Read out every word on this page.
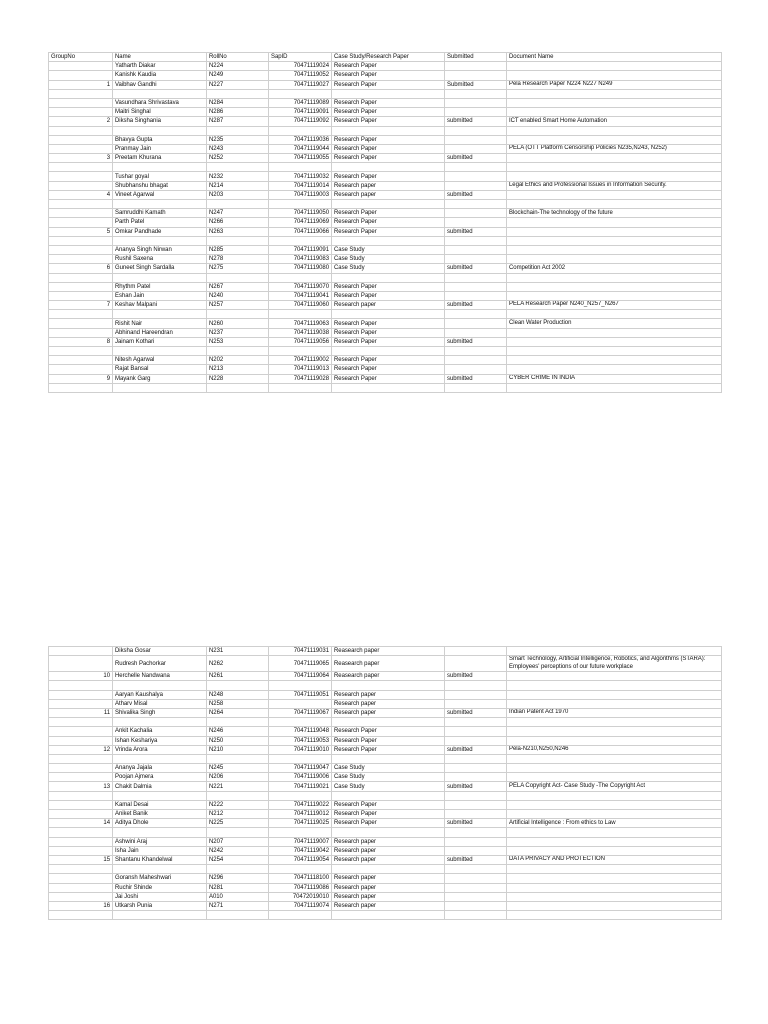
GroupNo	Name	RollNo	SapID	Case Study/Research Paper	Submitted	Document Name
	Yatharth Diakar	N224	70471119024	Research Paper		
	Kanishk Kaudia	N249	70471119052	Research Paper		
1	Vaibhav Gandhi	N227	70471119027	Research Paper	Submitted	Pela Research Paper N224 N227 N249

	Vasundhara Shrivastava	N284	70471119089	Research Paper		
	Maitri Singhal	N286	70471119091	Research Paper		
2	Diksha Singhania	N287	70471119092	Research Paper	submitted	ICT enabled Smart Home Automation

	Bhavya Gupta	N235	70471119036	Research Paper		
	Pranmay Jain	N243	70471119044	Research Paper		PELA (OTT Platform Censorship Policies N235,N243, N252)
3	Preetam Khurana	N252	70471119055	Research Paper	submitted	

	Tushar goyal	N232	70471119032	Research Paper		
	Shubhanshu bhagat	N214	70471119014	Research paper		Legal Ethics and Professional Issues in Information Security.
4	Vineet Agarwal	N203	70471119003	Research paper	submitted	

	Samruddhi Kamath	N247	70471119050	Research Paper		Blockchain-The technology of the future
	Parth Patel	N266	70471119069	Research Paper		
5	Omkar Pandhade	N263	70471119066	Research Paper	submitted	

	Ananya Singh Nirwan	N285	70471119091	Case Study		
	Rushil Saxena	N278	70471119083	Case Study		
6	Guneet Singh Sardalla	N275	70471119080	Case Study	submitted	Competition Act 2002

	Rhythm Patel	N267	70471119070	Research Paper		
	Eshan Jain	N240	70471119041	Research Paper		
7	Keshav Malpani	N257	70471119060	Research paper	submitted	PELA Research Paper N240_N257_N267

	Rishit Nair	N260	70471119063	Research Paper		Clean Water Production
	Abhinand Hareendran	N237	70471119038	Research Paper		
8	Jainam Kothari	N253	70471119056	Research Paper	submitted	

	Nitesh Agarwal	N202	70471119002	Research Paper		
	Rajat Bansal	N213	70471119013	Research Paper		
9	Mayank Garg	N228	70471119028	Research Paper	submitted	CYBER CRIME IN INDIA

	Diksha Gosar	N231	70471119031	Reasearch paper		
	Rudresh Pachorkar	N262	70471119065	Reasearch paper		Smart Technology, Artificial Intelligence, Robotics, and Algorithms (STARA): Employees' perceptions of our future workplace
10	Herchelle Nandwana	N261	70471119064	Reasearch paper	submitted	

	Aaryan Kaushalya	N248	70471119051	Research paper		
	Atharv Misal	N258		Research paper		
11	Shivalika Singh	N264	70471119067	Research paper	submitted	Indian Patent Act 1970

	Ankit Kachalia	N246	70471119048	Research Paper		
	Ishan Keshariya	N250	70471119053	Research Paper		
12	Vrinda Arora	N210	70471119010	Research Paper	submitted	Pela-N210,N250,N246

	Ananya Jajala	N245	70471119047	Case Study		
	Poojan Ajmera	N206	70471119006	Case Study		
13	Chakit Dalmia	N221	70471119021	Case Study	submitted	PELA Copyright Act- Case Study -The Copyright Act

	Kamal Desai	N222	70471119022	Research Paper		
	Aniket Banik	N212	70471119012	Research Paper		
14	Aditya Dhole	N225	70471119025	Research Paper	submitted	Artificial Intelligence : From ethics to Law

	Ashwini Araj	N207	70471119007	Research paper		
	Isha Jain	N242	70471119042	Research paper		
15	Shantanu Khandelwal	N254	70471119054	Research paper	submitted	DATA PRIVACY AND PROTECTION

	Goransh Maheshwari	N296	70471118100	Research paper		
	Ruchir Shinde	N281	70471119086	Research paper		
	Jai Joshi	A010	70472019010	Research paper		
16	Utkarsh Punia	N271	70471119074	Research paper		
